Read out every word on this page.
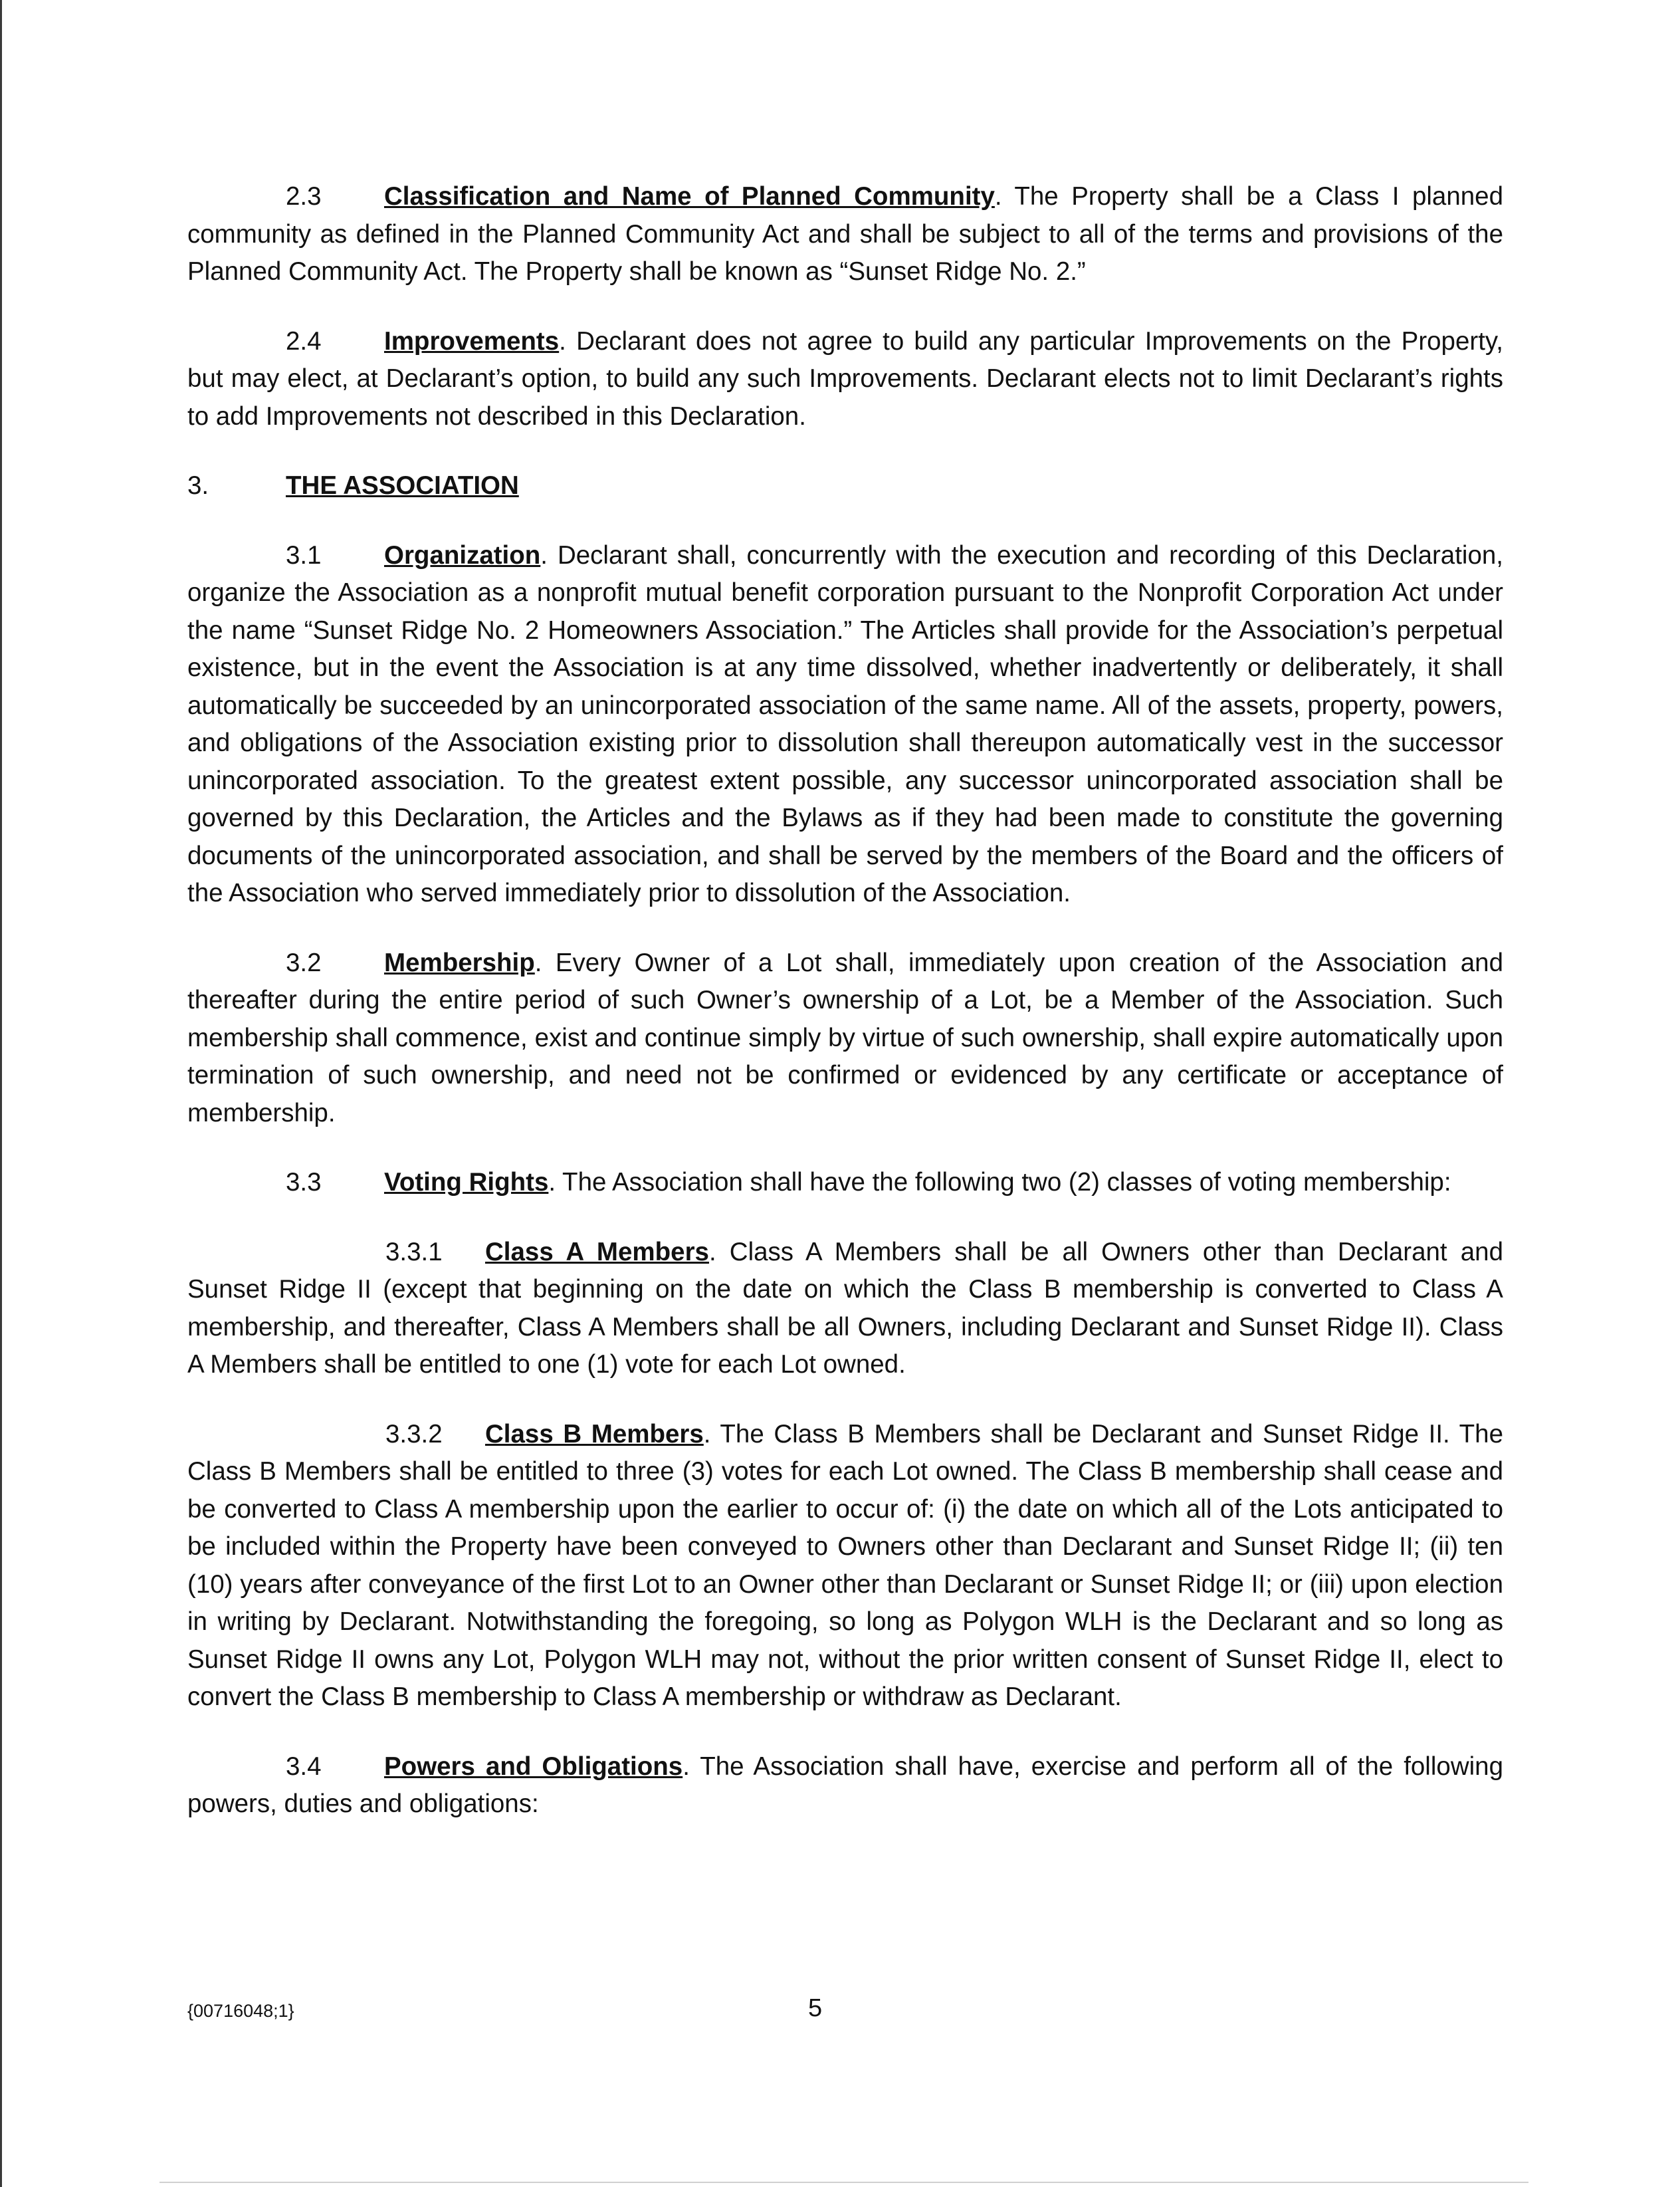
2.3 Classification and Name of Planned Community. The Property shall be a Class I planned community as defined in the Planned Community Act and shall be subject to all of the terms and provisions of the Planned Community Act. The Property shall be known as “Sunset Ridge No. 2.”

2.4 Improvements. Declarant does not agree to build any particular Improvements on the Property, but may elect, at Declarant’s option, to build any such Improvements. Declarant elects not to limit Declarant’s rights to add Improvements not described in this Declaration.

3.	THE ASSOCIATION

3.1 Organization. Declarant shall, concurrently with the execution and recording of this Declaration, organize the Association as a nonprofit mutual benefit corporation pursuant to the Nonprofit Corporation Act under the name “Sunset Ridge No. 2 Homeowners Association.” The Articles shall provide for the Association’s perpetual existence, but in the event the Association is at any time dissolved, whether inadvertently or deliberately, it shall automatically be succeeded by an unincorporated association of the same name. All of the assets, property, powers, and obligations of the Association existing prior to dissolution shall thereupon automatically vest in the successor unincorporated association. To the greatest extent possible, any successor unincorporated association shall be governed by this Declaration, the Articles and the Bylaws as if they had been made to constitute the governing documents of the unincorporated association, and shall be served by the members of the Board and the officers of the Association who served immediately prior to dissolution of the Association.

3.2 Membership. Every Owner of a Lot shall, immediately upon creation of the Association and thereafter during the entire period of such Owner’s ownership of a Lot, be a Member of the Association. Such membership shall commence, exist and continue simply by virtue of such ownership, shall expire automatically upon termination of such ownership, and need not be confirmed or evidenced by any certificate or acceptance of membership.

3.3 Voting Rights. The Association shall have the following two (2) classes of voting membership:

3.3.1 Class A Members. Class A Members shall be all Owners other than Declarant and Sunset Ridge II (except that beginning on the date on which the Class B membership is converted to Class A membership, and thereafter, Class A Members shall be all Owners, including Declarant and Sunset Ridge II). Class A Members shall be entitled to one (1) vote for each Lot owned.

3.3.2 Class B Members. The Class B Members shall be Declarant and Sunset Ridge II. The Class B Members shall be entitled to three (3) votes for each Lot owned. The Class B membership shall cease and be converted to Class A membership upon the earlier to occur of: (i) the date on which all of the Lots anticipated to be included within the Property have been conveyed to Owners other than Declarant and Sunset Ridge II; (ii) ten (10) years after conveyance of the first Lot to an Owner other than Declarant or Sunset Ridge II; or (iii) upon election in writing by Declarant. Notwithstanding the foregoing, so long as Polygon WLH is the Declarant and so long as Sunset Ridge II owns any Lot, Polygon WLH may not, without the prior written consent of Sunset Ridge II, elect to convert the Class B membership to Class A membership or withdraw as Declarant.

3.4 Powers and Obligations. The Association shall have, exercise and perform all of the following powers, duties and obligations:

{00716048;1}	5
